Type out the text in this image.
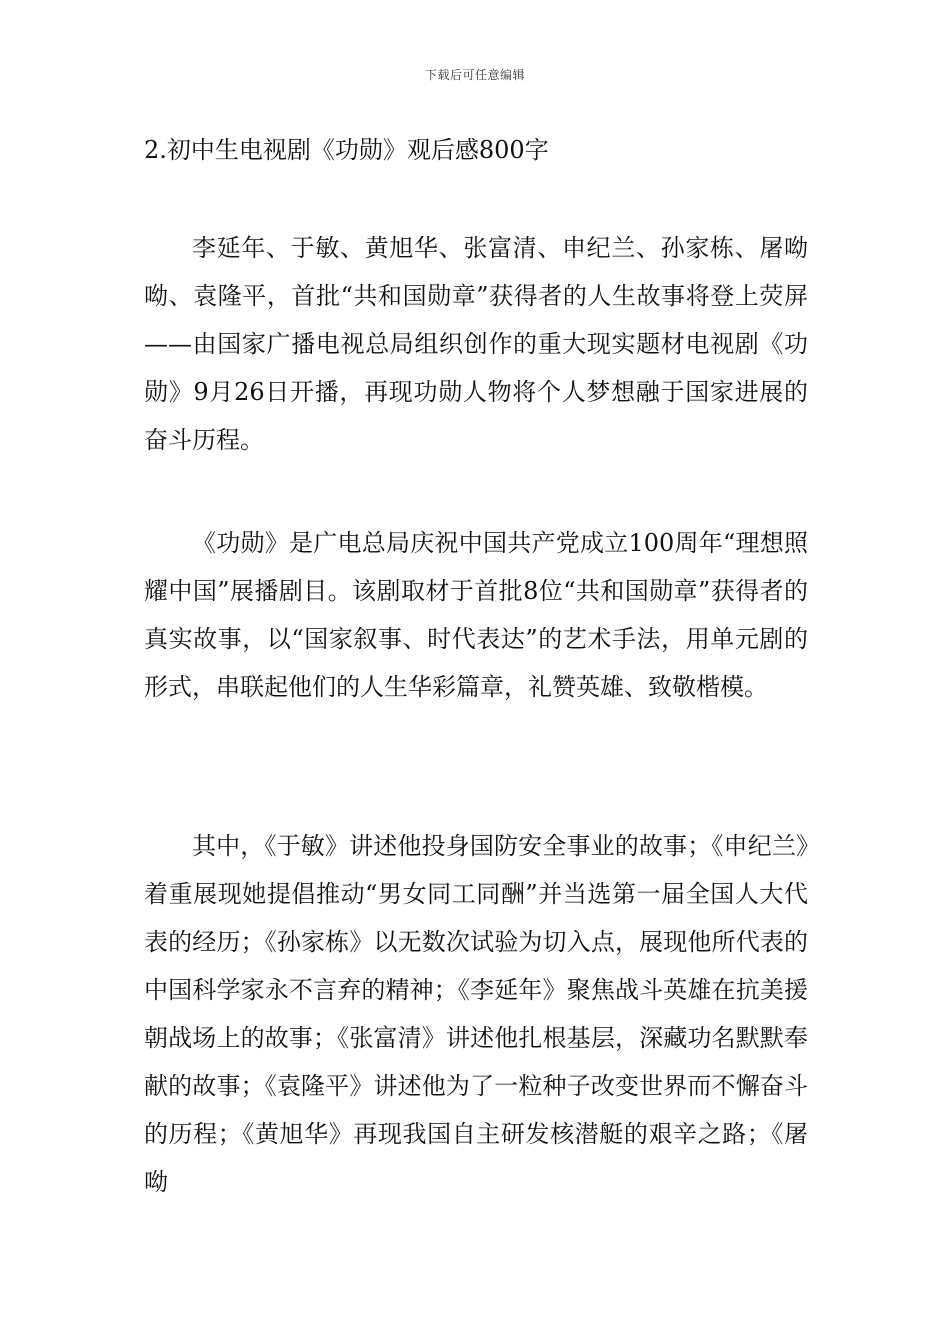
下载后可任意编辑
2.初中生电视剧《功勋》观后感800字

李延年、于敏、黄旭华、张富清、申纪兰、孙家栋、屠呦呦、袁隆平，首批“共和国勋章”获得者的人生故事将登上荧屏——由国家广播电视总局组织创作的重大现实题材电视剧《功勋》9月26日开播，再现功勋人物将个人梦想融于国家进展的奋斗历程。

《功勋》是广电总局庆祝中国共产党成立100周年“理想照耀中国”展播剧目。该剧取材于首批8位“共和国勋章”获得者的真实故事，以“国家叙事、时代表达”的艺术手法，用单元剧的形式，串联起他们的人生华彩篇章，礼赞英雄、致敬楷模。

其中，《于敏》讲述他投身国防安全事业的故事；《申纪兰》着重展现她提倡推动“男女同工同酬”并当选第一届全国人大代表的经历；《孙家栋》以无数次试验为切入点，展现他所代表的中国科学家永不言弃的精神；《李延年》聚焦战斗英雄在抗美援朝战场上的故事；《张富清》讲述他扎根基层，深藏功名默默奉献的故事；《袁隆平》讲述他为了一粒种子改变世界而不懈奋斗的历程；《黄旭华》再现我国自主研发核潜艇的艰辛之路；《屠呦
